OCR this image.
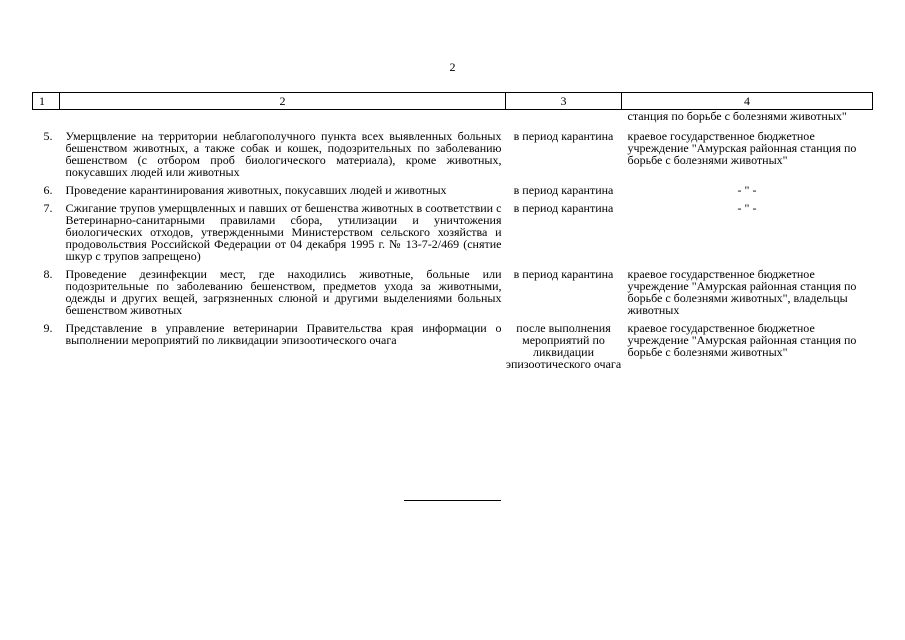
2
1	2	3	4
			станция по борьбе с болезнями животных"
5.	Умерщвление на территории неблагополучного пункта всех выявленных больных бешенством животных, а также собак и кошек, подозрительных по заболеванию бешенством (с отбором проб биологического материала), кроме животных, покусавших людей или животных	в период карантина	краевое государственное бюджетное учреждение "Амурская районная станция по борьбе с болезнями животных"
6.	Проведение карантинирования животных, покусавших людей и животных	в период карантина	- " -
7.	Сжигание трупов умерщвленных и павших от бешенства животных в соответствии с Ветеринарно-санитарными правилами сбора, утилизации и уничтожения биологических отходов, утвержденными Министерством сельского хозяйства и продовольствия Российской Федерации от 04 декабря 1995 г. № 13-7-2/469 (снятие шкур с трупов запрещено)	в период карантина	- " -
8.	Проведение дезинфекции мест, где находились животные, больные или подозрительные по заболеванию бешенством, предметов ухода за животными, одежды и других вещей, загрязненных слюной и другими выделениями больных бешенством животных	в период карантина	краевое государственное бюджетное учреждение "Амурская районная станция по борьбе с болезнями животных", владельцы животных
9.	Представление в управление ветеринарии Правительства края информации о выполнении мероприятий по ликвидации эпизоотического очага	после выполнения мероприятий по ликвидации эпизоотического очага	краевое государственное бюджетное учреждение "Амурская районная станция по борьбе с болезнями животных"
